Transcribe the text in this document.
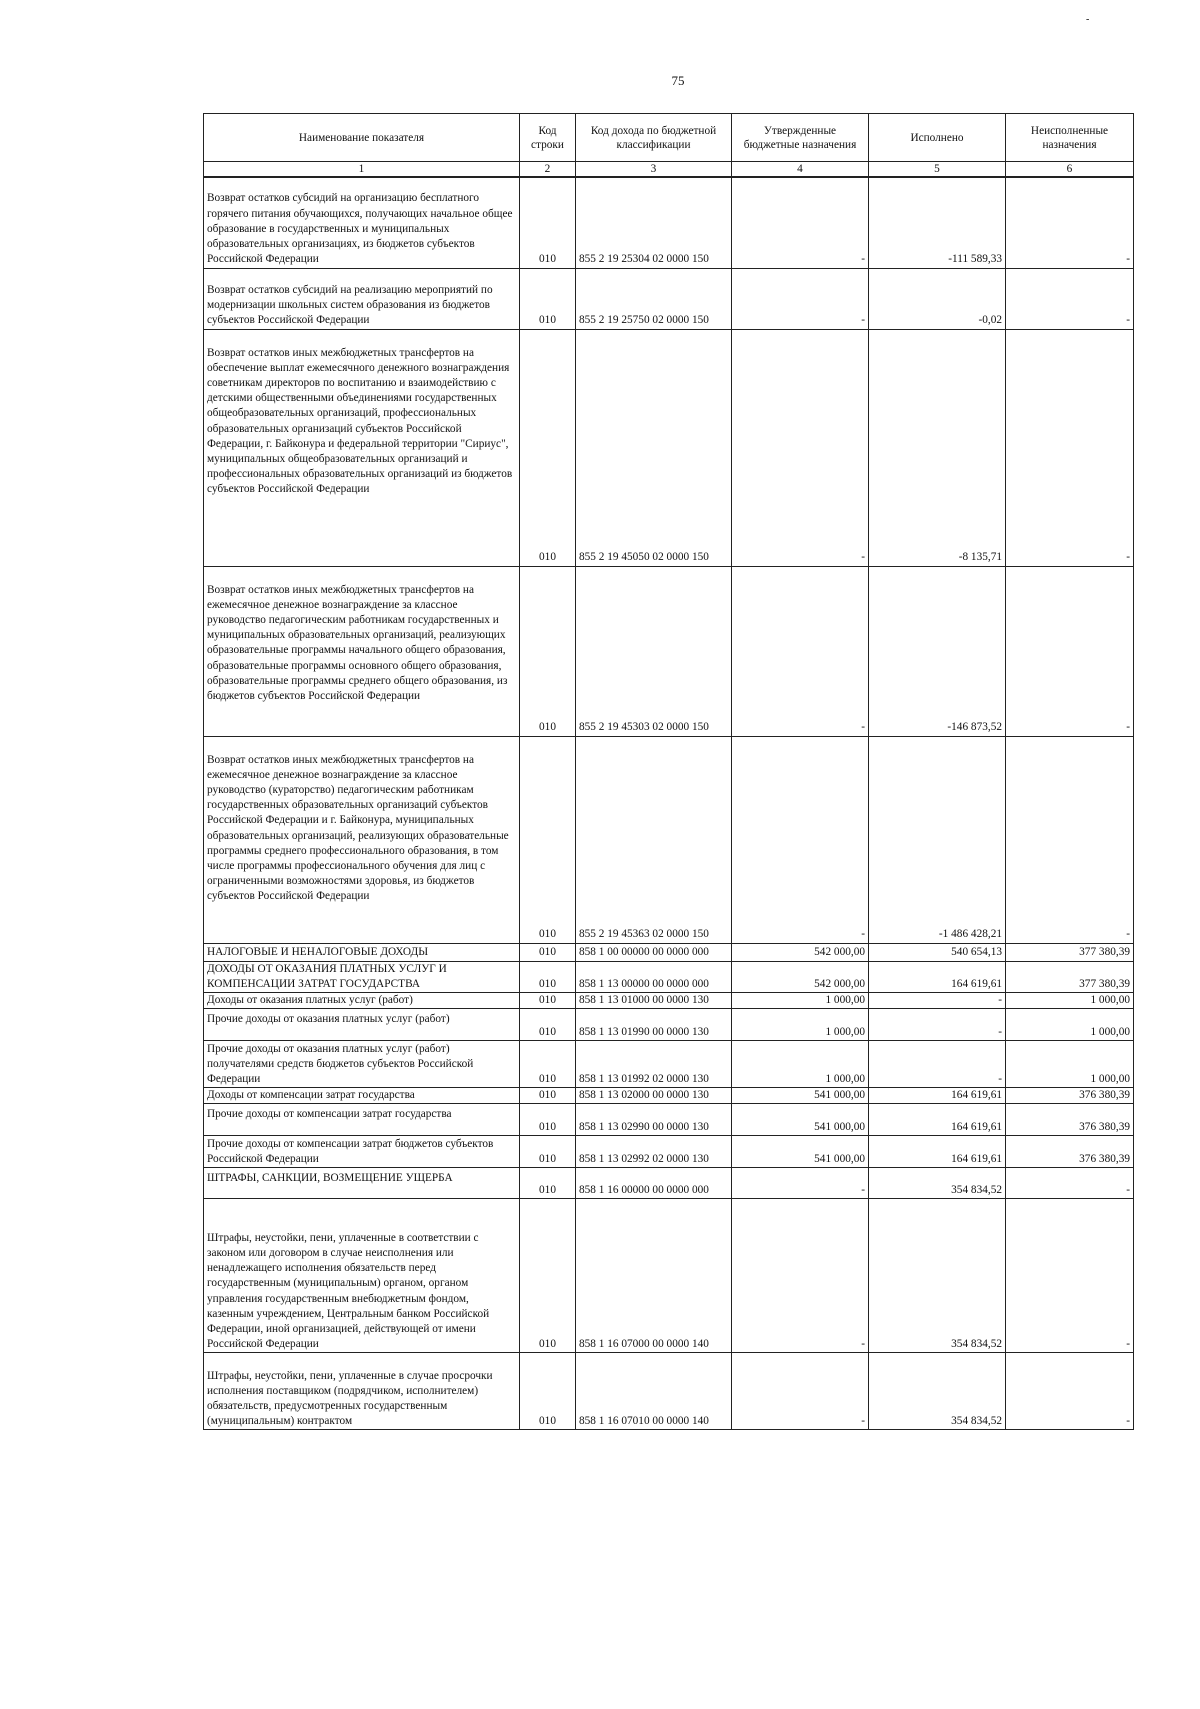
-
75
Наименование показателя	Код строки	Код дохода по бюджетной классификации	Утвержденные бюджетные назначения	Исполнено	Неисполненные назначения
1	2	3	4	5	6
Возврат остатков субсидий на организацию бесплатного горячего питания обучающихся, получающих начальное общее образование в государственных и муниципальных образовательных организациях, из бюджетов субъектов Российской Федерации	010	855 2 19 25304 02 0000 150	-	-111 589,33	-
Возврат остатков субсидий на реализацию мероприятий по модернизации школьных систем образования из бюджетов субъектов Российской Федерации	010	855 2 19 25750 02 0000 150	-	-0,02	-
Возврат остатков иных межбюджетных трансфертов на обеспечение выплат ежемесячного денежного вознаграждения советникам директоров по воспитанию и взаимодействию с детскими общественными объединениями государственных общеобразовательных организаций, профессиональных образовательных организаций субъектов Российской Федерации, г. Байконура и федеральной территории "Сириус", муниципальных общеобразовательных организаций и профессиональных образовательных организаций из бюджетов субъектов Российской Федерации	010	855 2 19 45050 02 0000 150	-	-8 135,71	-
Возврат остатков иных межбюджетных трансфертов на ежемесячное денежное вознаграждение за классное руководство педагогическим работникам государственных и муниципальных образовательных организаций, реализующих образовательные программы начального общего образования, образовательные программы основного общего образования, образовательные программы среднего общего образования, из бюджетов субъектов Российской Федерации	010	855 2 19 45303 02 0000 150	-	-146 873,52	-
Возврат остатков иных межбюджетных трансфертов на ежемесячное денежное вознаграждение за классное руководство (кураторство) педагогическим работникам государственных образовательных организаций субъектов Российской Федерации и г. Байконура, муниципальных образовательных организаций, реализующих образовательные программы среднего профессионального образования, в том числе программы профессионального обучения для лиц с ограниченными возможностями здоровья, из бюджетов субъектов Российской Федерации	010	855 2 19 45363 02 0000 150	-	-1 486 428,21	-
НАЛОГОВЫЕ И НЕНАЛОГОВЫЕ ДОХОДЫ	010	858 1 00 00000 00 0000 000	542 000,00	540 654,13	377 380,39
ДОХОДЫ ОТ ОКАЗАНИЯ ПЛАТНЫХ УСЛУГ И КОМПЕНСАЦИИ ЗАТРАТ ГОСУДАРСТВА	010	858 1 13 00000 00 0000 000	542 000,00	164 619,61	377 380,39
Доходы от оказания платных услуг (работ)	010	858 1 13 01000 00 0000 130	1 000,00	-	1 000,00
Прочие доходы от оказания платных услуг (работ)	010	858 1 13 01990 00 0000 130	1 000,00	-	1 000,00
Прочие доходы от оказания платных услуг (работ) получателями средств бюджетов субъектов Российской Федерации	010	858 1 13 01992 02 0000 130	1 000,00	-	1 000,00
Доходы от компенсации затрат государства	010	858 1 13 02000 00 0000 130	541 000,00	164 619,61	376 380,39
Прочие доходы от компенсации затрат государства	010	858 1 13 02990 00 0000 130	541 000,00	164 619,61	376 380,39
Прочие доходы от компенсации затрат бюджетов субъектов Российской Федерации	010	858 1 13 02992 02 0000 130	541 000,00	164 619,61	376 380,39
ШТРАФЫ, САНКЦИИ, ВОЗМЕЩЕНИЕ УЩЕРБА	010	858 1 16 00000 00 0000 000	-	354 834,52	-
Штрафы, неустойки, пени, уплаченные в соответствии с законом или договором в случае неисполнения или ненадлежащего исполнения обязательств перед государственным (муниципальным) органом, органом управления государственным внебюджетным фондом, казенным учреждением, Центральным банком Российской Федерации, иной организацией, действующей от имени Российской Федерации	010	858 1 16 07000 00 0000 140	-	354 834,52	-
Штрафы, неустойки, пени, уплаченные в случае просрочки исполнения поставщиком (подрядчиком, исполнителем) обязательств, предусмотренных государственным (муниципальным) контрактом	010	858 1 16 07010 00 0000 140	-	354 834,52	-
